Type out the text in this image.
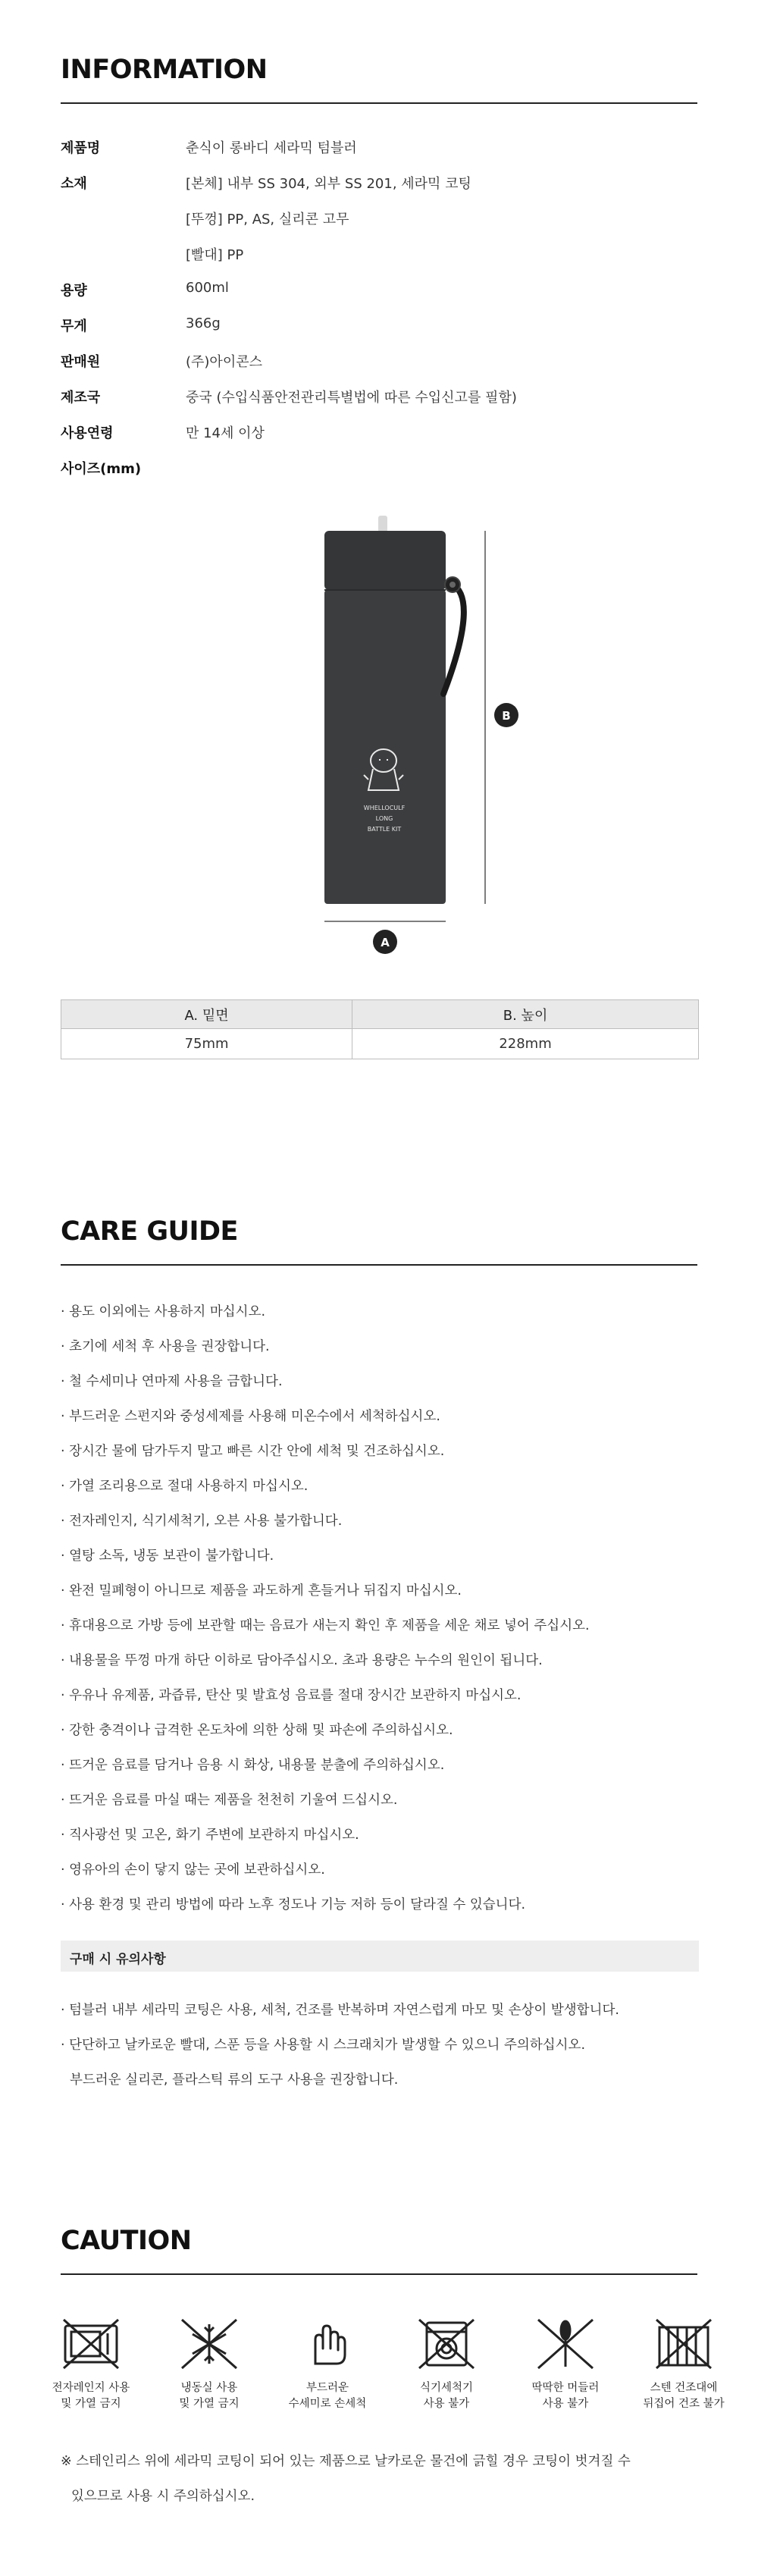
INFORMATION
제품명	춘식이 롱바디 세라믹 텀블러
소재	[본체] 내부 SS 304, 외부 SS 201, 세라믹 코팅
[뚜껑] PP, AS, 실리콘 고무
[빨대] PP
용량	600ml
무게	366g
판매원	(주)아이콘스
제조국	중국 (수입식품안전관리특별법에 따른 수입신고를 필함)
사용연령	만 14세 이상
사이즈(mm)
WHELLOCULF
LONG
BATTLE KIT
B
A
A. 밑면	B. 높이
75mm	228mm
CARE GUIDE
· 용도 이외에는 사용하지 마십시오.
· 초기에 세척 후 사용을 권장합니다.
· 철 수세미나 연마제 사용을 금합니다.
· 부드러운 스펀지와 중성세제를 사용해 미온수에서 세척하십시오.
· 장시간 물에 담가두지 말고 빠른 시간 안에 세척 및 건조하십시오.
· 가열 조리용으로 절대 사용하지 마십시오.
· 전자레인지, 식기세척기, 오븐 사용 불가합니다.
· 열탕 소독, 냉동 보관이 불가합니다.
· 완전 밀폐형이 아니므로 제품을 과도하게 흔들거나 뒤집지 마십시오.
· 휴대용으로 가방 등에 보관할 때는 음료가 새는지 확인 후 제품을 세운 채로 넣어 주십시오.
· 내용물을 뚜껑 마개 하단 이하로 담아주십시오. 초과 용량은 누수의 원인이 됩니다.
· 우유나 유제품, 과즙류, 탄산 및 발효성 음료를 절대 장시간 보관하지 마십시오.
· 강한 충격이나 급격한 온도차에 의한 상해 및 파손에 주의하십시오.
· 뜨거운 음료를 담거나 음용 시 화상, 내용물 분출에 주의하십시오.
· 뜨거운 음료를 마실 때는 제품을 천천히 기울여 드십시오.
· 직사광선 및 고온, 화기 주변에 보관하지 마십시오.
· 영유아의 손이 닿지 않는 곳에 보관하십시오.
· 사용 환경 및 관리 방법에 따라 노후 정도나 기능 저하 등이 달라질 수 있습니다.
구매 시 유의사항
· 텀블러 내부 세라믹 코팅은 사용, 세척, 건조를 반복하며 자연스럽게 마모 및 손상이 발생합니다.
· 단단하고 날카로운 빨대, 스푼 등을 사용할 시 스크래치가 발생할 수 있으니 주의하십시오.
부드러운 실리콘, 플라스틱 류의 도구 사용을 권장합니다.
CAUTION
전자레인지 사용
및 가열 금지
냉동실 사용
및 가열 금지
부드러운
수세미로 손세척
식기세척기
사용 불가
딱딱한 머들러
사용 불가
스텐 건조대에
뒤집어 건조 불가
※ 스테인리스 위에 세라믹 코팅이 되어 있는 제품으로 날카로운 물건에 긁힐 경우 코팅이 벗겨질 수
있으므로 사용 시 주의하십시오.
